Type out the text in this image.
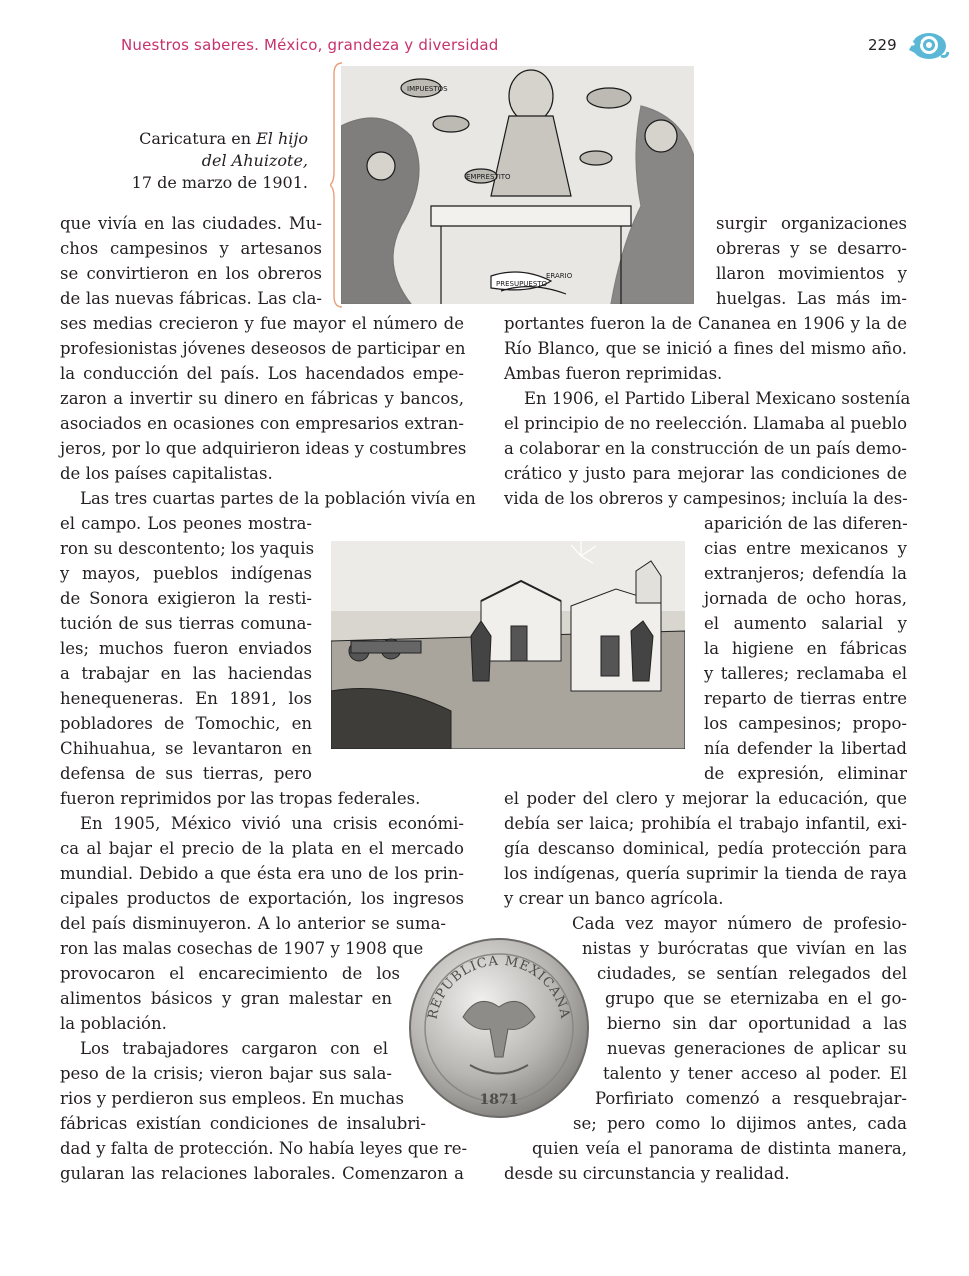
Nuestros saberes. México, grandeza y diversidad	229
Caricatura en El hijo
del Ahuizote,
17 de marzo de 1901.
IMPUESTOS
EMPRESTITO
PRESUPUESTO
ERARIO
REPUBLICA MEXICANA
1871
que vivía en las ciudades. Mu-
chos campesinos y artesanos
se convirtieron en los obreros
de las nuevas fábricas. Las cla-
ses medias crecieron y fue mayor el número de
profesionistas jóvenes deseosos de participar en
la conducción del país. Los hacendados empe-
zaron a invertir su dinero en fábricas y bancos,
asociados en ocasiones con empresarios extran-
jeros, por lo que adquirieron ideas y costumbres
de los países capitalistas.
Las tres cuartas partes de la población vivía en
el campo. Los peones mostra-
ron su descontento; los yaquis
y mayos, pueblos indígenas
de Sonora exigieron la resti-
tución de sus tierras comuna-
les; muchos fueron enviados
a trabajar en las haciendas
henequeneras. En 1891, los
pobladores de Tomochic, en
Chihuahua, se levantaron en
defensa de sus tierras, pero
fueron reprimidos por las tropas federales.
En 1905, México vivió una crisis económi-
ca al bajar el precio de la plata en el mercado
mundial. Debido a que ésta era uno de los prin-
cipales productos de exportación, los ingresos
del país disminuyeron. A lo anterior se suma-
ron las malas cosechas de 1907 y 1908 que
provocaron el encarecimiento de los
alimentos básicos y gran malestar en
la población.
Los trabajadores cargaron con el
peso de la crisis; vieron bajar sus sala-
rios y perdieron sus empleos. En muchas
fábricas existían condiciones de insalubri-
dad y falta de protección. No había leyes que re-
gularan las relaciones laborales. Comenzaron a
surgir organizaciones
obreras y se desarro-
llaron movimientos y
huelgas. Las más im-
portantes fueron la de Cananea en 1906 y la de
Río Blanco, que se inició a fines del mismo año.
Ambas fueron reprimidas.
En 1906, el Partido Liberal Mexicano sostenía
el principio de no reelección. Llamaba al pueblo
a colaborar en la construcción de un país demo-
crático y justo para mejorar las condiciones de
vida de los obreros y campesinos; incluía la des-
aparición de las diferen-
cias entre mexicanos y
extranjeros; defendía la
jornada de ocho horas,
el aumento salarial y
la higiene en fábricas
y talleres; reclamaba el
reparto de tierras entre
los campesinos; propo-
nía defender la libertad
de expresión, eliminar
el poder del clero y mejorar la educación, que
debía ser laica; prohibía el trabajo infantil, exi-
gía descanso dominical, pedía protección para
los indígenas, quería suprimir la tienda de raya
y crear un banco agrícola.
Cada vez mayor número de profesio-
nistas y burócratas que vivían en las
ciudades, se sentían relegados del
grupo que se eternizaba en el go-
bierno sin dar oportunidad a las
nuevas generaciones de aplicar su
talento y tener acceso al poder. El
Porfiriato comenzó a resquebrajar-
se; pero como lo dijimos antes, cada
quien veía el panorama de distinta manera,
desde su circunstancia y realidad.
